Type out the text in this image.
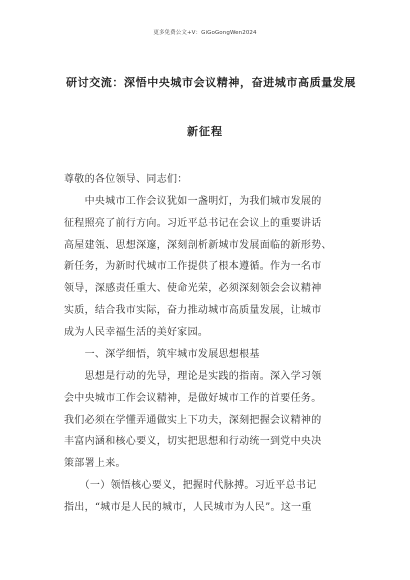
更多免费公文+V：GiGoGongWen2024
研讨交流：深悟中央城市会议精神，奋进城市高质量发展
新征程
尊敬的各位领导、同志们：
　　中央城市工作会议犹如一盏明灯，为我们城市发展的
征程照亮了前行方向。习近平总书记在会议上的重要讲话
高屋建瓴、思想深邃，深刻剖析新城市发展面临的新形势、
新任务，为新时代城市工作提供了根本遵循。作为一名市
领导，深感责任重大、使命光荣，必须深刻领会会议精神
实质，结合我市实际，奋力推动城市高质量发展，让城市
成为人民幸福生活的美好家园。
　　一、深学细悟，筑牢城市发展思想根基
　　思想是行动的先导，理论是实践的指南。深入学习领
会中央城市工作会议精神，是做好城市工作的首要任务。
我们必须在学懂弄通做实上下功夫，深刻把握会议精神的
丰富内涵和核心要义，切实把思想和行动统一到党中央决
策部署上来。
　　（一）领悟核心要义，把握时代脉搏。习近平总书记
指出，“城市是人民的城市，人民城市为人民”。这一重
